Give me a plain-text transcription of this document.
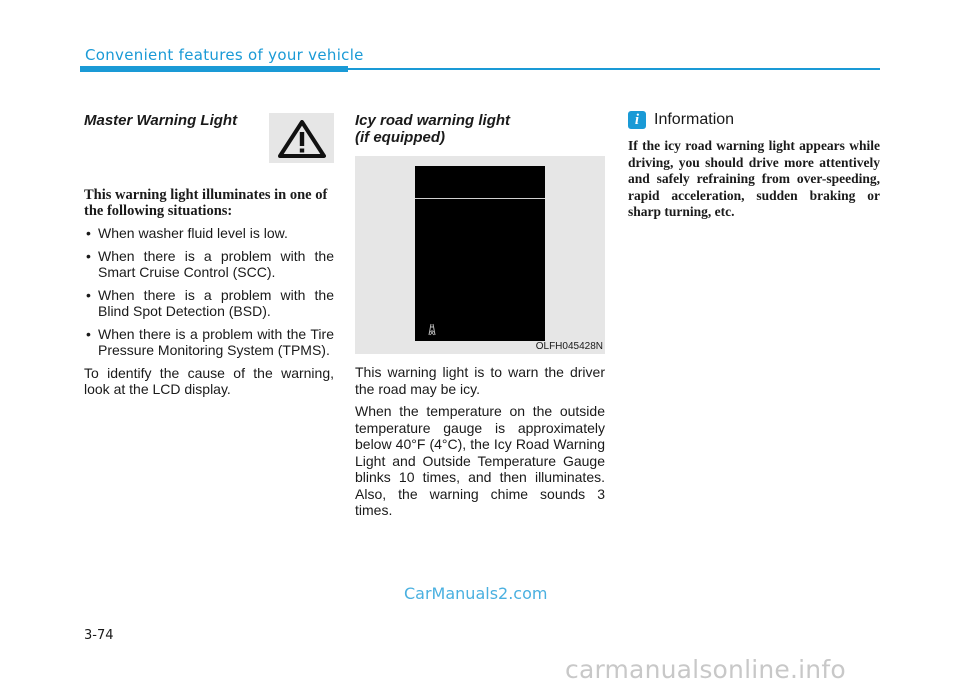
Convenient features of your vehicle
Master Warning Light
This warning light illuminates in one of the following situations:
• When washer fluid level is low.
• When there is a problem with the Smart Cruise Control (SCC).
• When there is a problem with the Blind Spot Detection (BSD).
• When there is a problem with the Tire Pressure Monitoring System (TPMS).

To identify the cause of the warning, look at the LCD display.

Icy road warning light
(if equipped)
OLFH045428N

This warning light is to warn the driver the road may be icy.

When the temperature on the outside temperature gauge is approximately below 40°F (4°C), the Icy Road Warning Light and Outside Temperature Gauge blinks 10 times, and then illuminates. Also, the warning chime sounds 3 times.

i Information
If the icy road warning light appears while driving, you should drive more attentively and safely refraining from over-speeding, rapid acceleration, sudden braking or sharp turning, etc.
CarManuals2.com
3-74
carmanualsonline.info
